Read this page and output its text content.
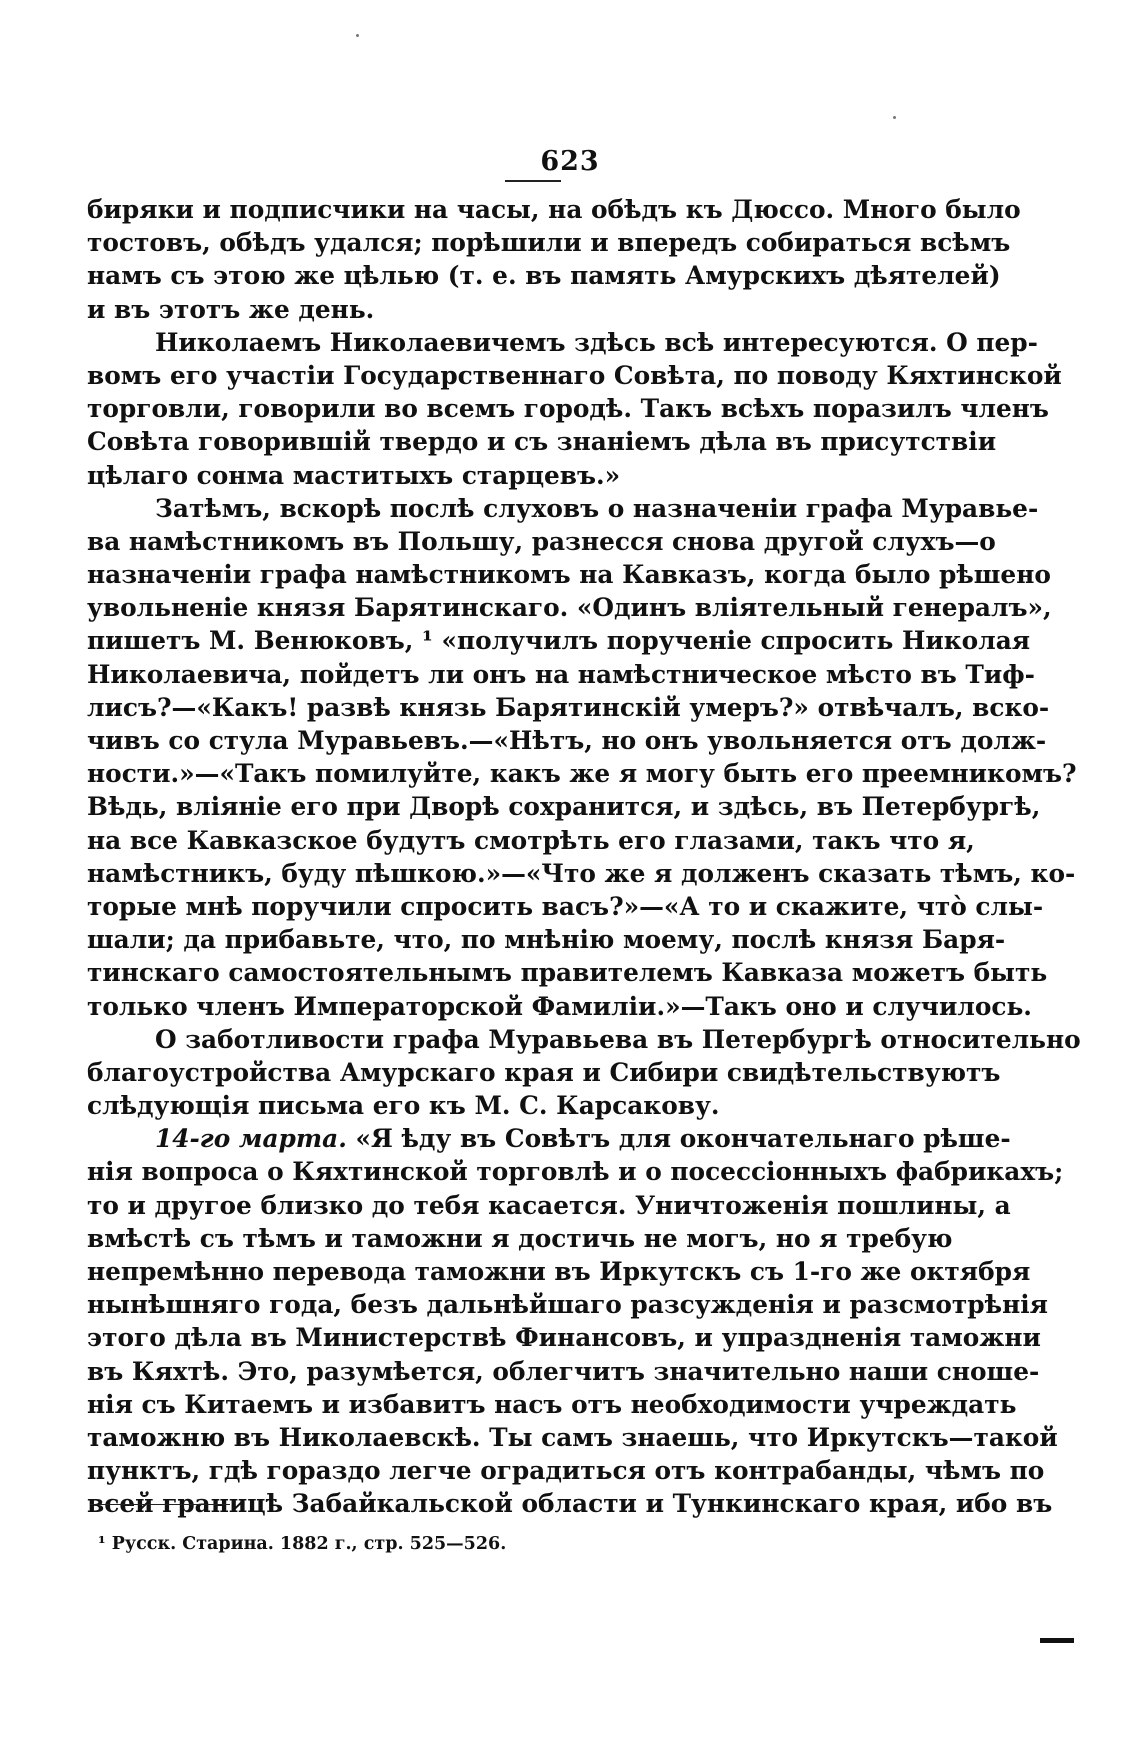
623
биряки и подписчики на часы, на обѣдъ къ Дюссо. Много было
тостовъ, обѣдъ удался; порѣшили и впередъ собираться всѣмъ
намъ съ этою же цѣлью (т. е. въ память Амурскихъ дѣятелей)
и въ этотъ же день.
Николаемъ Николаевичемъ здѣсь всѣ интересуются. О пер-
вомъ его участіи Государственнаго Совѣта, по поводу Кяхтинской
торговли, говорили во всемъ городѣ. Такъ всѣхъ поразилъ членъ
Совѣта говорившій твердо и съ знаніемъ дѣла въ присутствіи
цѣлаго сонма маститыхъ старцевъ.»
Затѣмъ, вскорѣ послѣ слуховъ о назначеніи графа Муравье-
ва намѣстникомъ въ Польшу, разнесся снова другой слухъ—о
назначеніи графа намѣстникомъ на Кавказъ, когда было рѣшено
увольненіе князя Барятинскаго. «Одинъ вліятельный генералъ»,
пишетъ М. Венюковъ, ¹ «получилъ порученіе спросить Николая
Николаевича, пойдетъ ли онъ на намѣстническое мѣсто въ Тиф-
лисъ?—«Какъ! развѣ князь Барятинскій умеръ?» отвѣчалъ, вско-
чивъ со стула Муравьевъ.—«Нѣтъ, но онъ увольняется отъ долж-
ности.»—«Такъ помилуйте, какъ же я могу быть его преемникомъ?
Вѣдь, вліяніе его при Дворѣ сохранится, и здѣсь, въ Петербургѣ,
на все Кавказское будутъ смотрѣть его глазами, такъ что я,
намѣстникъ, буду пѣшкою.»—«Что же я долженъ сказать тѣмъ, ко-
торые мнѣ поручили спросить васъ?»—«А то и скажите, что̀ слы-
шали; да прибавьте, что, по мнѣнію моему, послѣ князя Баря-
тинскаго самостоятельнымъ правителемъ Кавказа можетъ быть
только членъ Императорской Фамиліи.»—Такъ оно и случилось.
О заботливости графа Муравьева въ Петербургѣ относительно
благоустройства Амурскаго края и Сибири свидѣтельствуютъ
слѣдующія письма его къ М. С. Карсакову.
14-го марта. «Я ѣду въ Совѣтъ для окончательнаго рѣше-
нія вопроса о Кяхтинской торговлѣ и о посессіонныхъ фабрикахъ;
то и другое близко до тебя касается. Уничтоженія пошлины, а
вмѣстѣ съ тѣмъ и таможни я достичь не могъ, но я требую
непремѣнно перевода таможни въ Иркутскъ съ 1-го же октября
нынѣшняго года, безъ дальнѣйшаго разсужденія и разсмотрѣнія
этого дѣла въ Министерствѣ Финансовъ, и упраздненія таможни
въ Кяхтѣ. Это, разумѣется, облегчитъ значительно наши сноше-
нія съ Китаемъ и избавитъ насъ отъ необходимости учреждать
таможню въ Николаевскѣ. Ты самъ знаешь, что Иркутскъ—такой
пунктъ, гдѣ гораздо легче оградиться отъ контрабанды, чѣмъ по
всей границѣ Забайкальской области и Тункинскаго края, ибо въ
¹ Русск. Старина. 1882 г., стр. 525—526.
